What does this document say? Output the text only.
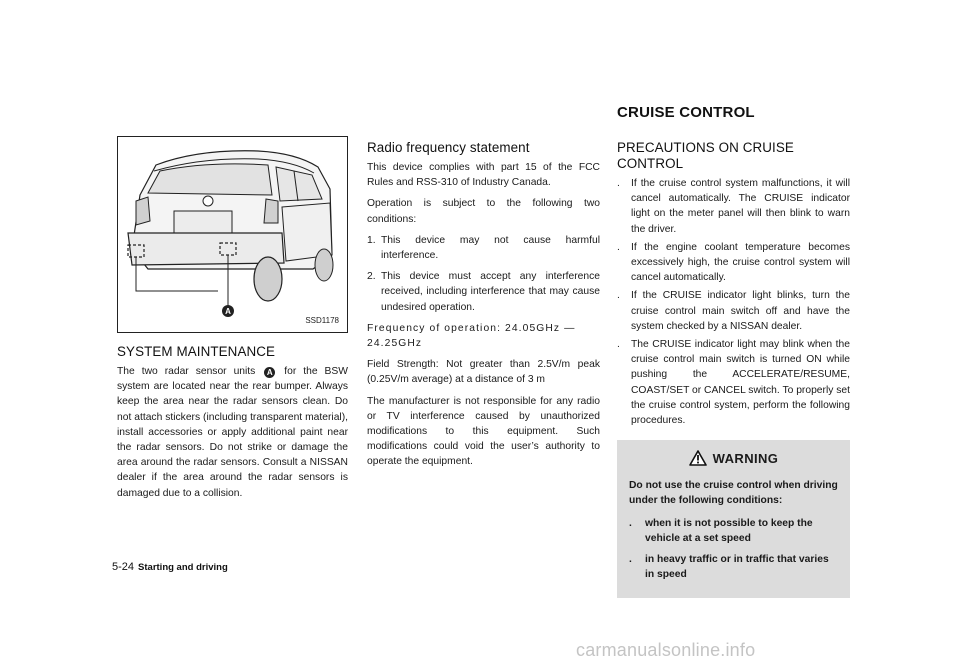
CRUISE CONTROL
A
SSD1178
SYSTEM MAINTENANCE

The two radar sensor units A for the BSW system are located near the rear bumper. Always keep the area near the radar sensors clean. Do not attach stickers (including transparent material), install accessories or apply additional paint near the radar sensors. Do not strike or damage the area around the radar sensors. Consult a NISSAN dealer if the area around the radar sensors is damaged due to a collision.

Radio frequency statement

This device complies with part 15 of the FCC Rules and RSS-310 of Industry Canada.

Operation is subject to the following two conditions:

1. This device may not cause harmful interference.
2. This device must accept any interference received, including interference that may cause undesired operation.

Frequency of operation: 24.05GHz — 24.25GHz

Field Strength: Not greater than 2.5V/m peak (0.25V/m average) at a distance of 3 m

The manufacturer is not responsible for any radio or TV interference caused by unauthorized modifications to this equipment. Such modifications could void the user’s authority to operate the equipment.

PRECAUTIONS ON CRUISE CONTROL
. If the cruise control system malfunctions, it will cancel automatically. The CRUISE indicator light on the meter panel will then blink to warn the driver.
. If the engine coolant temperature becomes excessively high, the cruise control system will cancel automatically.
. If the CRUISE indicator light blinks, turn the cruise control main switch off and have the system checked by a NISSAN dealer.
. The CRUISE indicator light may blink when the cruise control main switch is turned ON while pushing the ACCELERATE/RESUME, COAST/SET or CANCEL switch. To properly set the cruise control system, perform the following procedures.
WARNING

Do not use the cruise control when driving under the following conditions:

. when it is not possible to keep the vehicle at a set speed
. in heavy traffic or in traffic that varies in speed
5-24 Starting and driving
carmanualsonline.info
